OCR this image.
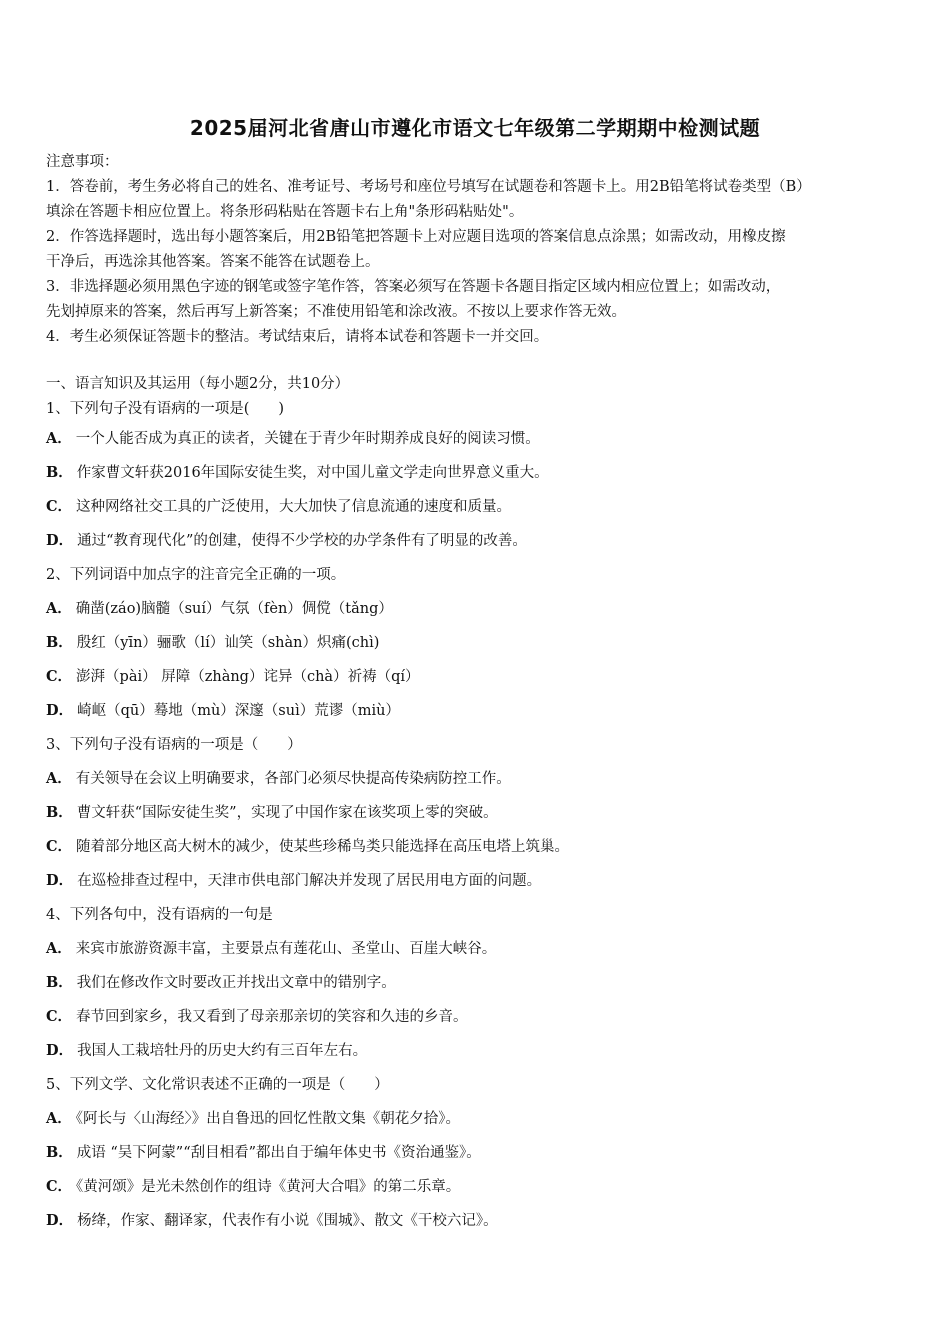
2025届河北省唐山市遵化市语文七年级第二学期期中检测试题

注意事项：

1．答卷前，考生务必将自己的姓名、准考证号、考场号和座位号填写在试题卷和答题卡上。用2B铅笔将试卷类型（B）

填涂在答题卡相应位置上。将条形码粘贴在答题卡右上角"条形码粘贴处"。

2．作答选择题时，选出每小题答案后，用2B铅笔把答题卡上对应题目选项的答案信息点涂黑；如需改动，用橡皮擦

干净后，再选涂其他答案。答案不能答在试题卷上。

3．非选择题必须用黑色字迹的钢笔或签字笔作答，答案必须写在答题卡各题目指定区域内相应位置上；如需改动，

先划掉原来的答案，然后再写上新答案；不准使用铅笔和涂改液。不按以上要求作答无效。

4．考生必须保证答题卡的整洁。考试结束后，请将本试卷和答题卡一并交回。

一、语言知识及其运用（每小题2分，共10分）
1、下列句子没有语病的一项是(　　)
A． 一个人能否成为真正的读者，关键在于青少年时期养成良好的阅读习惯。
B． 作家曹文轩获2016年国际安徒生奖，对中国儿童文学走向世界意义重大。
C． 这种网络社交工具的广泛使用，大大加快了信息流通的速度和质量。
D． 通过“教育现代化”的创建，使得不少学校的办学条件有了明显的改善。
2、下列词语中加点字的注音完全正确的一项。
A． 确凿(záo)脑髓（suí）气氛（fèn）倜傥（tǎng）
B． 殷红（yīn）骊歌（lí）讪笑（shàn）炽痛(chì)
C． 澎湃（pài） 屏障（zhàng）诧异（chà）祈祷（qí）
D． 崎岖（qū）蓦地（mù）深邃（suì）荒谬（miù）
3、下列句子没有语病的一项是（　　）
A． 有关领导在会议上明确要求，各部门必须尽快提高传染病防控工作。
B． 曹文轩获“国际安徒生奖”，实现了中国作家在该奖项上零的突破。
C． 随着部分地区高大树木的减少，使某些珍稀鸟类只能选择在高压电塔上筑巢。
D． 在巡检排查过程中，天津市供电部门解决并发现了居民用电方面的问题。
4、下列各句中，没有语病的一句是
A． 来宾市旅游资源丰富，主要景点有莲花山、圣堂山、百崖大峡谷。
B． 我们在修改作文时要改正并找出文章中的错别字。
C． 春节回到家乡，我又看到了母亲那亲切的笑容和久违的乡音。
D． 我国人工栽培牡丹的历史大约有三百年左右。
5、下列文学、文化常识表述不正确的一项是（　　）
A． 《阿长与〈山海经〉》出自鲁迅的回忆性散文集《朝花夕拾》。
B． 成语 “吴下阿蒙”“刮目相看”都出自于编年体史书《资治通鉴》。
C． 《黄河颂》是光未然创作的组诗《黄河大合唱》的第二乐章。
D． 杨绛，作家、翻译家，代表作有小说《围城》、散文《干校六记》。
